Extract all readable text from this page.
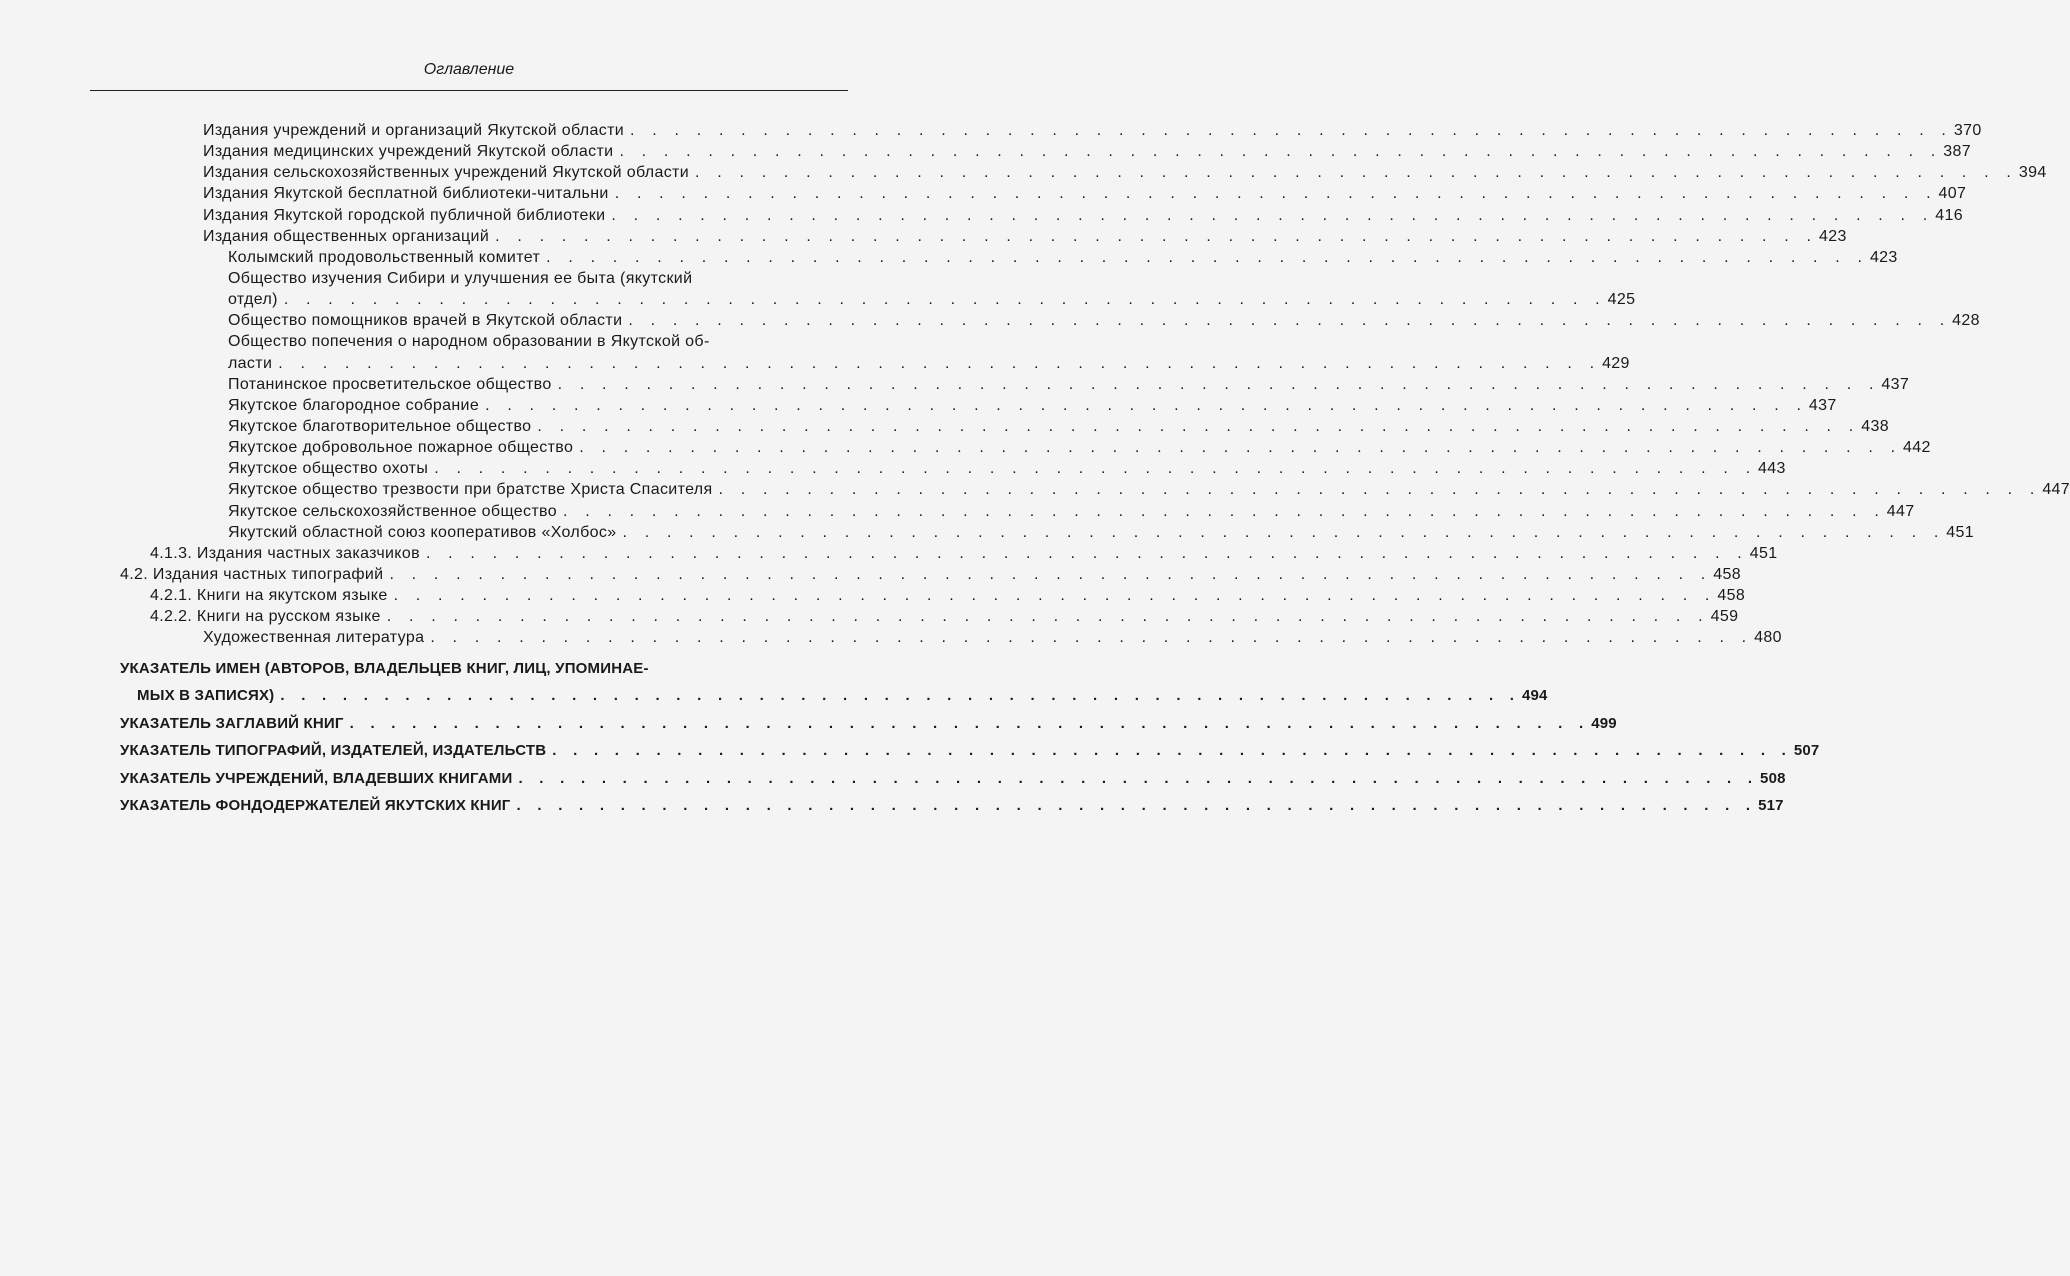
Оглавление
Издания учреждений и организаций Якутской области .    .    .    .    .    .    .    .    .    .    .    .    .    .    .    .    .    .    .    .    .    .    .    .    .    .    .    .    .    .    .    .    .    .    .    .    .    .    .    .    .    .    .    .    .    .    .    .    .    .    .    .    .    .    .    .    .    .    .    . 370
Издания медицинских учреждений Якутской области .    .    .    .    .    .    .    .    .    .    .    .    .    .    .    .    .    .    .    .    .    .    .    .    .    .    .    .    .    .    .    .    .    .    .    .    .    .    .    .    .    .    .    .    .    .    .    .    .    .    .    .    .    .    .    .    .    .    .    . 387
Издания сельскохозяйственных учреждений Якутской области .    .    .    .    .    .    .    .    .    .    .    .    .    .    .    .    .    .    .    .    .    .    .    .    .    .    .    .    .    .    .    .    .    .    .    .    .    .    .    .    .    .    .    .    .    .    .    .    .    .    .    .    .    .    .    .    .    .    .    . 394
Издания Якутской бесплатной библиотеки-читальни .    .    .    .    .    .    .    .    .    .    .    .    .    .    .    .    .    .    .    .    .    .    .    .    .    .    .    .    .    .    .    .    .    .    .    .    .    .    .    .    .    .    .    .    .    .    .    .    .    .    .    .    .    .    .    .    .    .    .    . 407
Издания Якутской городской публичной библиотеки .    .    .    .    .    .    .    .    .    .    .    .    .    .    .    .    .    .    .    .    .    .    .    .    .    .    .    .    .    .    .    .    .    .    .    .    .    .    .    .    .    .    .    .    .    .    .    .    .    .    .    .    .    .    .    .    .    .    .    . 416
Издания общественных организаций .    .    .    .    .    .    .    .    .    .    .    .    .    .    .    .    .    .    .    .    .    .    .    .    .    .    .    .    .    .    .    .    .    .    .    .    .    .    .    .    .    .    .    .    .    .    .    .    .    .    .    .    .    .    .    .    .    .    .    . 423
Колымский продовольственный комитет .    .    .    .    .    .    .    .    .    .    .    .    .    .    .    .    .    .    .    .    .    .    .    .    .    .    .    .    .    .    .    .    .    .    .    .    .    .    .    .    .    .    .    .    .    .    .    .    .    .    .    .    .    .    .    .    .    .    .    . 423
Общество изучения Сибири и улучшения ее быта (якутский
отдел) .    .    .    .    .    .    .    .    .    .    .    .    .    .    .    .    .    .    .    .    .    .    .    .    .    .    .    .    .    .    .    .    .    .    .    .    .    .    .    .    .    .    .    .    .    .    .    .    .    .    .    .    .    .    .    .    .    .    .    . 425
Общество помощников врачей в Якутской области .    .    .    .    .    .    .    .    .    .    .    .    .    .    .    .    .    .    .    .    .    .    .    .    .    .    .    .    .    .    .    .    .    .    .    .    .    .    .    .    .    .    .    .    .    .    .    .    .    .    .    .    .    .    .    .    .    .    .    . 428
Общество попечения о народном образовании в Якутской об-
ласти .    .    .    .    .    .    .    .    .    .    .    .    .    .    .    .    .    .    .    .    .    .    .    .    .    .    .    .    .    .    .    .    .    .    .    .    .    .    .    .    .    .    .    .    .    .    .    .    .    .    .    .    .    .    .    .    .    .    .    . 429
Потанинское просветительское общество .    .    .    .    .    .    .    .    .    .    .    .    .    .    .    .    .    .    .    .    .    .    .    .    .    .    .    .    .    .    .    .    .    .    .    .    .    .    .    .    .    .    .    .    .    .    .    .    .    .    .    .    .    .    .    .    .    .    .    . 437
Якутское благородное собрание .    .    .    .    .    .    .    .    .    .    .    .    .    .    .    .    .    .    .    .    .    .    .    .    .    .    .    .    .    .    .    .    .    .    .    .    .    .    .    .    .    .    .    .    .    .    .    .    .    .    .    .    .    .    .    .    .    .    .    . 437
Якутское благотворительное общество .    .    .    .    .    .    .    .    .    .    .    .    .    .    .    .    .    .    .    .    .    .    .    .    .    .    .    .    .    .    .    .    .    .    .    .    .    .    .    .    .    .    .    .    .    .    .    .    .    .    .    .    .    .    .    .    .    .    .    . 438
Якутское добровольное пожарное общество .    .    .    .    .    .    .    .    .    .    .    .    .    .    .    .    .    .    .    .    .    .    .    .    .    .    .    .    .    .    .    .    .    .    .    .    .    .    .    .    .    .    .    .    .    .    .    .    .    .    .    .    .    .    .    .    .    .    .    . 442
Якутское общество охоты .    .    .    .    .    .    .    .    .    .    .    .    .    .    .    .    .    .    .    .    .    .    .    .    .    .    .    .    .    .    .    .    .    .    .    .    .    .    .    .    .    .    .    .    .    .    .    .    .    .    .    .    .    .    .    .    .    .    .    . 443
Якутское общество трезвости при братстве Христа Спасителя .    .    .    .    .    .    .    .    .    .    .    .    .    .    .    .    .    .    .    .    .    .    .    .    .    .    .    .    .    .    .    .    .    .    .    .    .    .    .    .    .    .    .    .    .    .    .    .    .    .    .    .    .    .    .    .    .    .    .    . 447
Якутское сельскохозяйственное общество .    .    .    .    .    .    .    .    .    .    .    .    .    .    .    .    .    .    .    .    .    .    .    .    .    .    .    .    .    .    .    .    .    .    .    .    .    .    .    .    .    .    .    .    .    .    .    .    .    .    .    .    .    .    .    .    .    .    .    . 447
Якутский областной союз кооперативов «Холбос» .    .    .    .    .    .    .    .    .    .    .    .    .    .    .    .    .    .    .    .    .    .    .    .    .    .    .    .    .    .    .    .    .    .    .    .    .    .    .    .    .    .    .    .    .    .    .    .    .    .    .    .    .    .    .    .    .    .    .    . 451
4.1.3. Издания частных заказчиков .    .    .    .    .    .    .    .    .    .    .    .    .    .    .    .    .    .    .    .    .    .    .    .    .    .    .    .    .    .    .    .    .    .    .    .    .    .    .    .    .    .    .    .    .    .    .    .    .    .    .    .    .    .    .    .    .    .    .    . 451
4.2. Издания частных типографий .    .    .    .    .    .    .    .    .    .    .    .    .    .    .    .    .    .    .    .    .    .    .    .    .    .    .    .    .    .    .    .    .    .    .    .    .    .    .    .    .    .    .    .    .    .    .    .    .    .    .    .    .    .    .    .    .    .    .    . 458
4.2.1. Книги на якутском языке .    .    .    .    .    .    .    .    .    .    .    .    .    .    .    .    .    .    .    .    .    .    .    .    .    .    .    .    .    .    .    .    .    .    .    .    .    .    .    .    .    .    .    .    .    .    .    .    .    .    .    .    .    .    .    .    .    .    .    . 458
4.2.2. Книги на русском языке .    .    .    .    .    .    .    .    .    .    .    .    .    .    .    .    .    .    .    .    .    .    .    .    .    .    .    .    .    .    .    .    .    .    .    .    .    .    .    .    .    .    .    .    .    .    .    .    .    .    .    .    .    .    .    .    .    .    .    . 459
Художественная литература .    .    .    .    .    .    .    .    .    .    .    .    .    .    .    .    .    .    .    .    .    .    .    .    .    .    .    .    .    .    .    .    .    .    .    .    .    .    .    .    .    .    .    .    .    .    .    .    .    .    .    .    .    .    .    .    .    .    .    . 480
УКАЗАТЕЛЬ ИМЕН (АВТОРОВ, ВЛАДЕЛЬЦЕВ КНИГ, ЛИЦ, УПОМИНАЕ-
МЫХ В ЗАПИСЯХ) .    .    .    .    .    .    .    .    .    .    .    .    .    .    .    .    .    .    .    .    .    .    .    .    .    .    .    .    .    .    .    .    .    .    .    .    .    .    .    .    .    .    .    .    .    .    .    .    .    .    .    .    .    .    .    .    .    .    .    . 494
УКАЗАТЕЛЬ ЗАГЛАВИЙ КНИГ .    .    .    .    .    .    .    .    .    .    .    .    .    .    .    .    .    .    .    .    .    .    .    .    .    .    .    .    .    .    .    .    .    .    .    .    .    .    .    .    .    .    .    .    .    .    .    .    .    .    .    .    .    .    .    .    .    .    .    . 499
УКАЗАТЕЛЬ ТИПОГРАФИЙ, ИЗДАТЕЛЕЙ, ИЗДАТЕЛЬСТВ .    .    .    .    .    .    .    .    .    .    .    .    .    .    .    .    .    .    .    .    .    .    .    .    .    .    .    .    .    .    .    .    .    .    .    .    .    .    .    .    .    .    .    .    .    .    .    .    .    .    .    .    .    .    .    .    .    .    .    . 507
УКАЗАТЕЛЬ УЧРЕЖДЕНИЙ, ВЛАДЕВШИХ КНИГАМИ .    .    .    .    .    .    .    .    .    .    .    .    .    .    .    .    .    .    .    .    .    .    .    .    .    .    .    .    .    .    .    .    .    .    .    .    .    .    .    .    .    .    .    .    .    .    .    .    .    .    .    .    .    .    .    .    .    .    .    . 508
УКАЗАТЕЛЬ ФОНДОДЕРЖАТЕЛЕЙ ЯКУТСКИХ КНИГ .    .    .    .    .    .    .    .    .    .    .    .    .    .    .    .    .    .    .    .    .    .    .    .    .    .    .    .    .    .    .    .    .    .    .    .    .    .    .    .    .    .    .    .    .    .    .    .    .    .    .    .    .    .    .    .    .    .    .    . 517
